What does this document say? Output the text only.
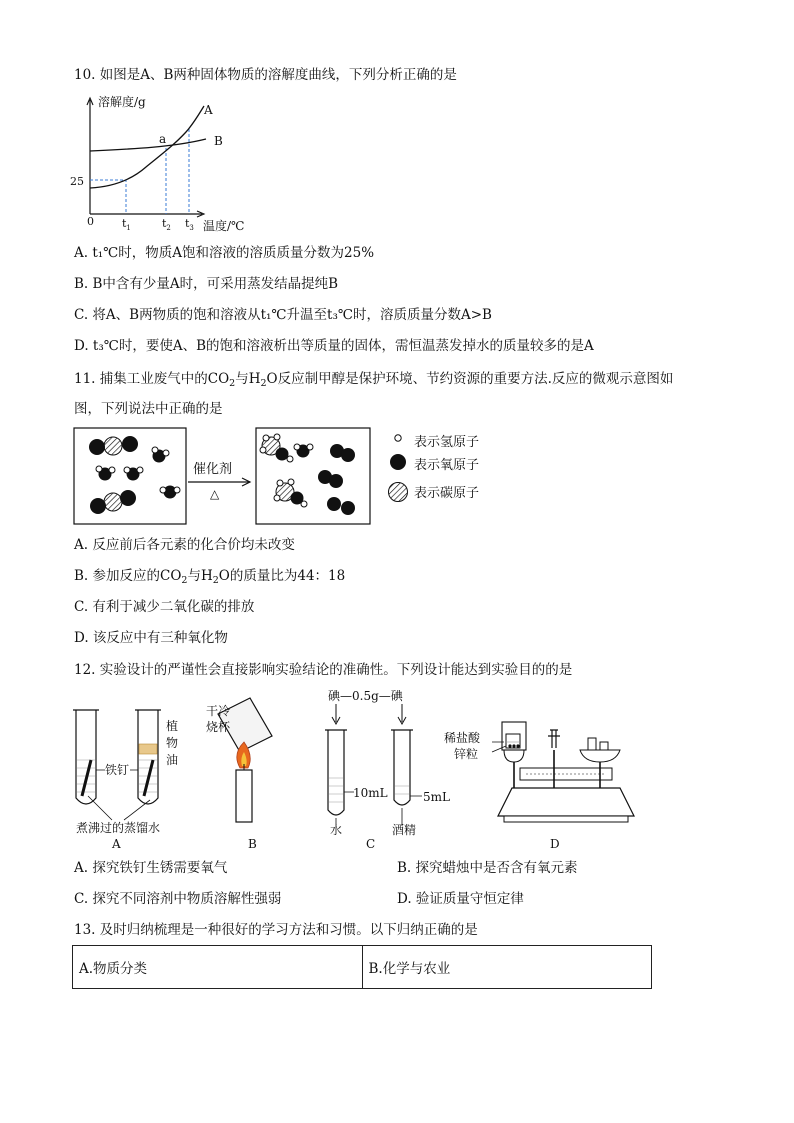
10. 如图是A、B两种固体物质的溶解度曲线，下列分析正确的是
溶解度/g
温度/℃
0
25
$t_1$	$t_2$ $t_3$
a
A
B
A. t₁℃时，物质A饱和溶液的溶质质量分数为25%
B. B中含有少量A时，可采用蒸发结晶提纯B
C. 将A、B两物质的饱和溶液从t₁℃升温至t₃℃时，溶质质量分数A>B
D. t₃℃时，要使A、B的饱和溶液析出等质量的固体，需恒温蒸发掉水的质量较多的是A
11. 捕集工业废气中的$CO_2$与$H_2O$反应制甲醇是保护环境、节约资源的重要方法.反应的微观示意图如
图，下列说法中正确的是
催化剂
△
表示氢原子
表示氧原子
表示碳原子
A. 反应前后各元素的化合价均未改变
B. 参加反应的$CO_2$与$H_2O$的质量比为44：18
C. 有利于减少二氧化碳的排放
D. 该反应中有三种氧化物
12. 实验设计的严谨性会直接影响实验结论的准确性。下列设计能达到实验目的的是
植
物
油
铁钉
煮沸过的蒸馏水
A
干冷
烧杯
B
碘—0.5g—碘
10mL	5mL
水	酒精
C
稀盐酸
锌粒
D
A. 探究铁钉生锈需要氧气	B. 探究蜡烛中是否含有氧元素
C. 探究不同溶剂中物质溶解性强弱	D. 验证质量守恒定律
13. 及时归纳梳理是一种很好的学习方法和习惯。以下归纳正确的是
A.物质分类	B.化学与农业
